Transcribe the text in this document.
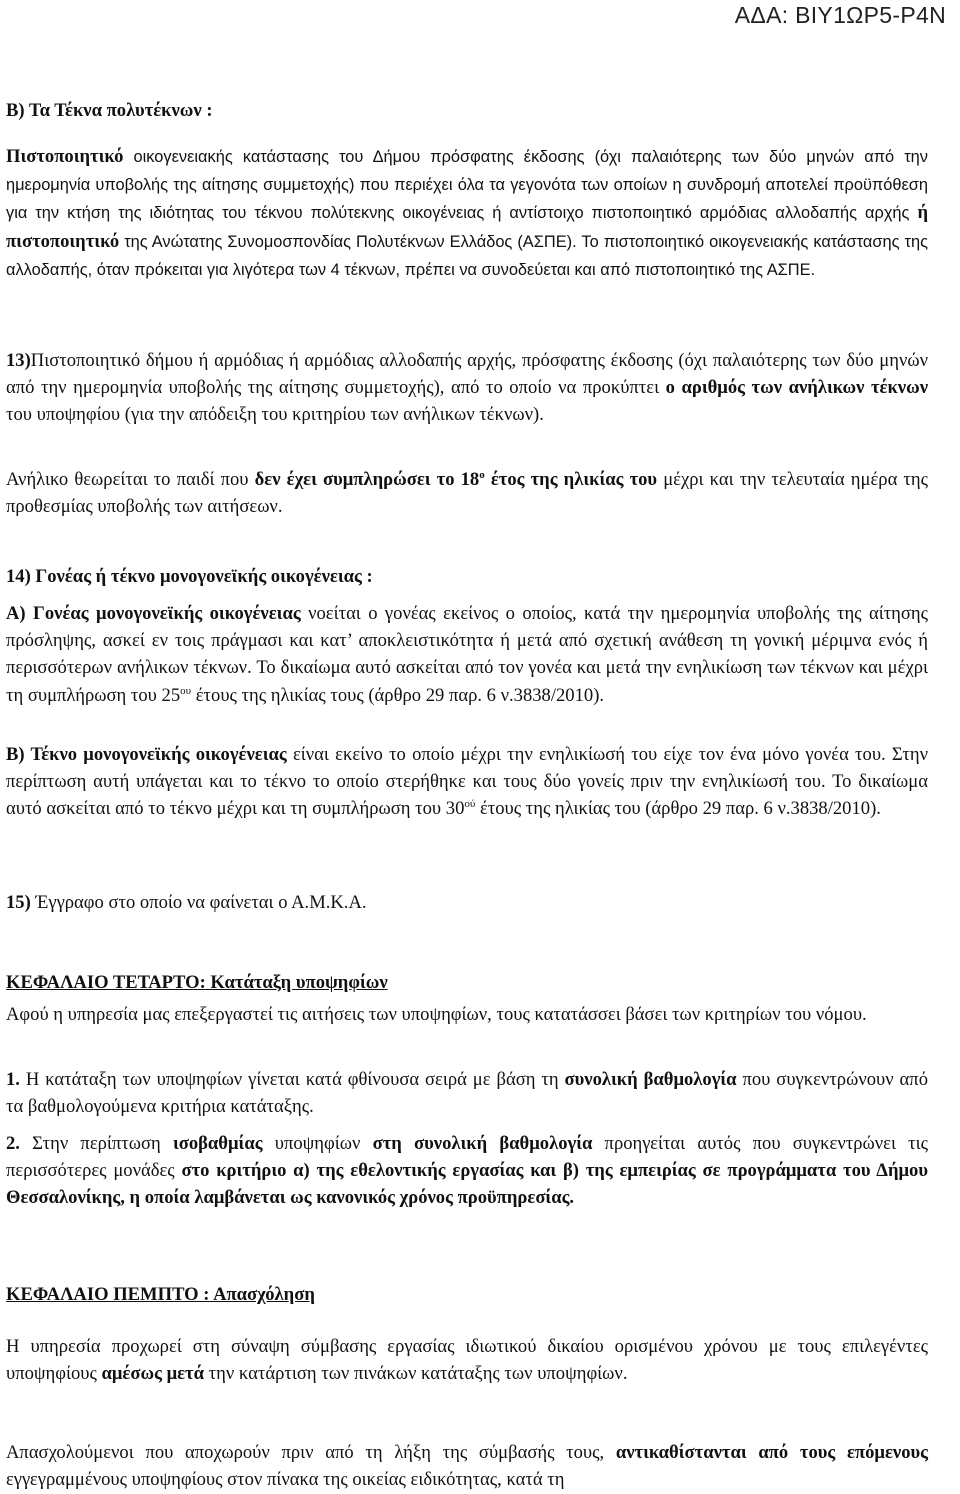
ΑΔΑ: ΒΙΥ1ΩΡ5-Ρ4Ν
Β) Τα Τέκνα πολυτέκνων :
Πιστοποιητικό οικογενειακής κατάστασης του Δήμου πρόσφατης έκδοσης (όχι παλαιότερης των δύο μηνών από την ημερομηνία υποβολής της αίτησης συμμετοχής) που περιέχει όλα τα γεγονότα των οποίων η συνδρομή αποτελεί προϋπόθεση για την κτήση της ιδιότητας του τέκνου πολύτεκνης οικογένειας ή αντίστοιχο πιστοποιητικό αρμόδιας αλλοδαπής αρχής ή πιστοποιητικό της Ανώτατης Συνομοσπονδίας Πολυτέκνων Ελλάδος (ΑΣΠΕ). Το πιστοποιητικό οικογενειακής κατάστασης της αλλοδαπής, όταν πρόκειται για λιγότερα των 4 τέκνων, πρέπει να συνοδεύεται και από πιστοποιητικό της ΑΣΠΕ.
13)Πιστοποιητικό δήμου ή αρμόδιας ή αρμόδιας αλλοδαπής αρχής, πρόσφατης έκδοσης (όχι παλαιότερης των δύο μηνών από την ημερομηνία υποβολής της αίτησης συμμετοχής), από το οποίο να προκύπτει ο αριθμός των ανήλικων τέκνων του υποψηφίου (για την απόδειξη του κριτηρίου των ανήλικων τέκνων).
Ανήλικο θεωρείται το παιδί που δεν έχει συμπληρώσει το $18^o$ έτος της ηλικίας του μέχρι και την τελευταία ημέρα της προθεσμίας υποβολής των αιτήσεων.
14) Γονέας ή τέκνο μονογονεϊκής οικογένειας :
Α) Γονέας μονογονεϊκής οικογένειας νοείται ο γονέας εκείνος ο οποίος, κατά την ημερομηνία υποβολής της αίτησης πρόσληψης, ασκεί εν τοις πράγμασι και κατ’ αποκλειστικότητα ή μετά από σχετική ανάθεση τη γονική μέριμνα ενός ή περισσότερων ανήλικων τέκνων. Το δικαίωμα αυτό ασκείται από τον γονέα και μετά την ενηλικίωση των τέκνων και μέχρι τη συμπλήρωση του $25^{o\upsilon}$ έτους της ηλικίας τους (άρθρο 29 παρ. 6 ν.3838/2010).
Β) Τέκνο μονογονεϊκής οικογένειας είναι εκείνο το οποίο μέχρι την ενηλικίωσή του είχε τον ένα μόνο γονέα του. Στην περίπτωση αυτή υπάγεται και το τέκνο το οποίο στερήθηκε και τους δύο γονείς πριν την ενηλικίωσή του. Το δικαίωμα αυτό ασκείται από το τέκνο μέχρι και τη συμπλήρωση του $30^{oύ}$ έτους της ηλικίας του (άρθρο 29 παρ. 6 ν.3838/2010).
15) Έγγραφο στο οποίο να φαίνεται ο Α.Μ.Κ.Α.
ΚΕΦΑΛΑΙΟ ΤΕΤΑΡΤΟ: Κατάταξη υποψηφίων
Αφού η υπηρεσία μας επεξεργαστεί τις αιτήσεις των υποψηφίων, τους κατατάσσει βάσει των κριτηρίων του νόμου.
1. Η κατάταξη των υποψηφίων γίνεται κατά φθίνουσα σειρά με βάση τη συνολική βαθμολογία που συγκεντρώνουν από τα βαθμολογούμενα κριτήρια κατάταξης.
2. Στην περίπτωση ισοβαθμίας υποψηφίων στη συνολική βαθμολογία προηγείται αυτός που συγκεντρώνει τις περισσότερες μονάδες στο κριτήριο α) της εθελοντικής εργασίας και β) της εμπειρίας σε προγράμματα του Δήμου Θεσσαλονίκης, η οποία λαμβάνεται ως κανονικός χρόνος προϋπηρεσίας.
ΚΕΦΑΛΑΙΟ ΠΕΜΠΤΟ : Απασχόληση
Η υπηρεσία προχωρεί στη σύναψη σύμβασης εργασίας ιδιωτικού δικαίου ορισμένου χρόνου με τους επιλεγέντες υποψηφίους αμέσως μετά την κατάρτιση των πινάκων κατάταξης των υποψηφίων.
Απασχολούμενοι που αποχωρούν πριν από τη λήξη της σύμβασής τους, αντικαθίστανται από τους επόμενους εγγεγραμμένους υποψηφίους στον πίνακα της οικείας ειδικότητας, κατά τη
